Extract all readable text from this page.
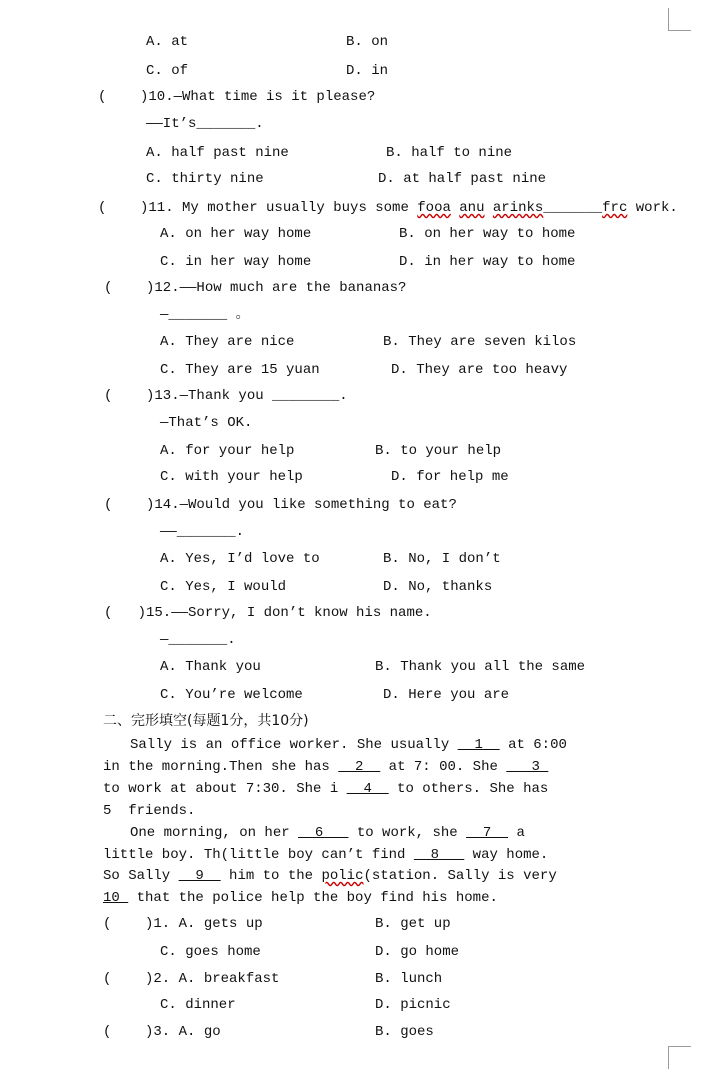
A. at	B. on
C. of	D. in
(    )10.—What time is it please?
——It’s_______.
A. half past nine	B. half to nine
C. thirty nine	D. at half past nine
A. on her way home	B. on her way to home
C. in her way home	D. in her way to home
(    )12.——How much are the bananas?
—_______ 。
A. They are nice	B. They are seven kilos
C. They are 15 yuan	D. They are too heavy
(    )13.—Thank you ________.
—That’s OK.
A. for your help	B. to your help
C. with your help	D. for help me
(    )14.—Would you like something to eat?
——_______.
A. Yes, I’d love to	B. No, I don’t
C. Yes, I would	D. No, thanks
(   )15.——Sorry, I don’t know his name.
—_______.
A. Thank you	B. Thank you all the same
C. You’re welcome	D. Here you are
5  friends.
(    )1. A. gets up	B. get up
C. goes home	D. go home
(    )2. A. breakfast	B. lunch
C. dinner	D. picnic
(    )3. A. go	B. goes
(    )11. My mother usually buys some fooa anu arinks_______frc work.
二、完形填空(每题1分，共10分)
Sally is an office worker. She usually   1   at 6:00
in the morning.Then she has   2   at 7: 00. She    3
to work at about 7:30. She i   4   to others. She has
One morning, on her   6    to work, she   7   a
little boy. Th(little boy can’t find   8    way home.
So Sally   9   him to the polic(station. Sally is very
10  that the police help the boy find his home.
